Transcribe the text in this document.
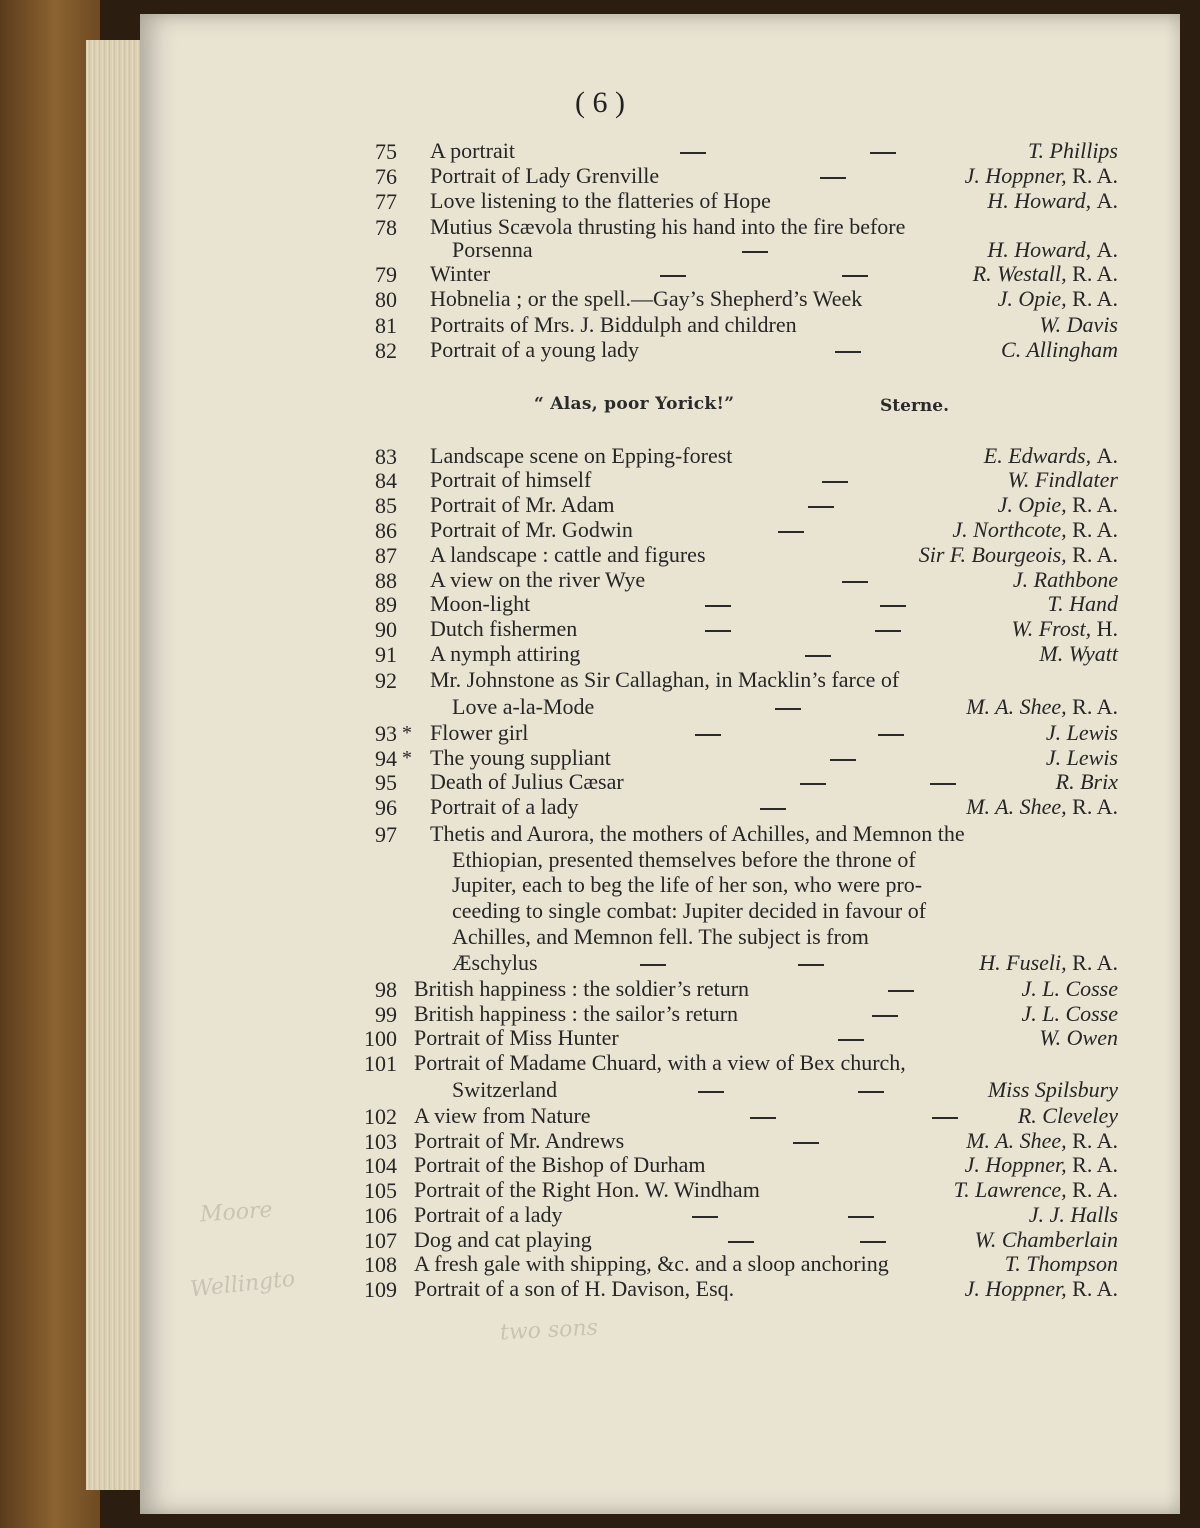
( 6 )
“ Alas, poor Yorick!”	Sterne.
Moore
Wellingto
two sons
75 A portrait	T. Phillips
76 Portrait of Lady Grenville	J. Hoppner, R. A.
77 Love listening to the flatteries of Hope	H. Howard, A.
78 Mutius Scævola thrusting his hand into the fire before
Porsenna	H. Howard, A.
79 Winter	R. Westall, R. A.
80 Hobnelia ; or the spell.—Gay’s Shepherd’s Week	J. Opie, R. A.
81 Portraits of Mrs. J. Biddulph and children	W. Davis
82 Portrait of a young lady	C. Allingham
83 Landscape scene on Epping-forest	E. Edwards, A.
84 Portrait of himself	W. Findlater
85 Portrait of Mr. Adam	J. Opie, R. A.
86 Portrait of Mr. Godwin	J. Northcote, R. A.
87 A landscape : cattle and figures	Sir F. Bourgeois, R. A.
88 A view on the river Wye	J. Rathbone
89 Moon-light	T. Hand
90 Dutch fishermen	W. Frost, H.
91 A nymph attiring	M. Wyatt
92 Mr. Johnstone as Sir Callaghan, in Macklin’s farce of
Love a-la-Mode	M. A. Shee, R. A.
93 * Flower girl	J. Lewis
94 * The young suppliant	J. Lewis
95 Death of Julius Cæsar	R. Brix
96 Portrait of a lady	M. A. Shee, R. A.
97 Thetis and Aurora, the mothers of Achilles, and Memnon the
Ethiopian, presented themselves before the throne of
Jupiter, each to beg the life of her son, who were pro-
ceeding to single combat: Jupiter decided in favour of
Achilles, and Memnon fell. The subject is from
Æschylus	H. Fuseli, R. A.
98 British happiness : the soldier’s return	J. L. Cosse
99 British happiness : the sailor’s return	J. L. Cosse
100 Portrait of Miss Hunter	W. Owen
101 Portrait of Madame Chuard, with a view of Bex church,
Switzerland	Miss Spilsbury
102 A view from Nature	R. Cleveley
103 Portrait of Mr. Andrews	M. A. Shee, R. A.
104 Portrait of the Bishop of Durham	J. Hoppner, R. A.
105 Portrait of the Right Hon. W. Windham	T. Lawrence, R. A.
106 Portrait of a lady	J. J. Halls
107 Dog and cat playing	W. Chamberlain
108 A fresh gale with shipping, &c. and a sloop anchoring	T. Thompson
109 Portrait of a son of H. Davison, Esq.	J. Hoppner, R. A.
